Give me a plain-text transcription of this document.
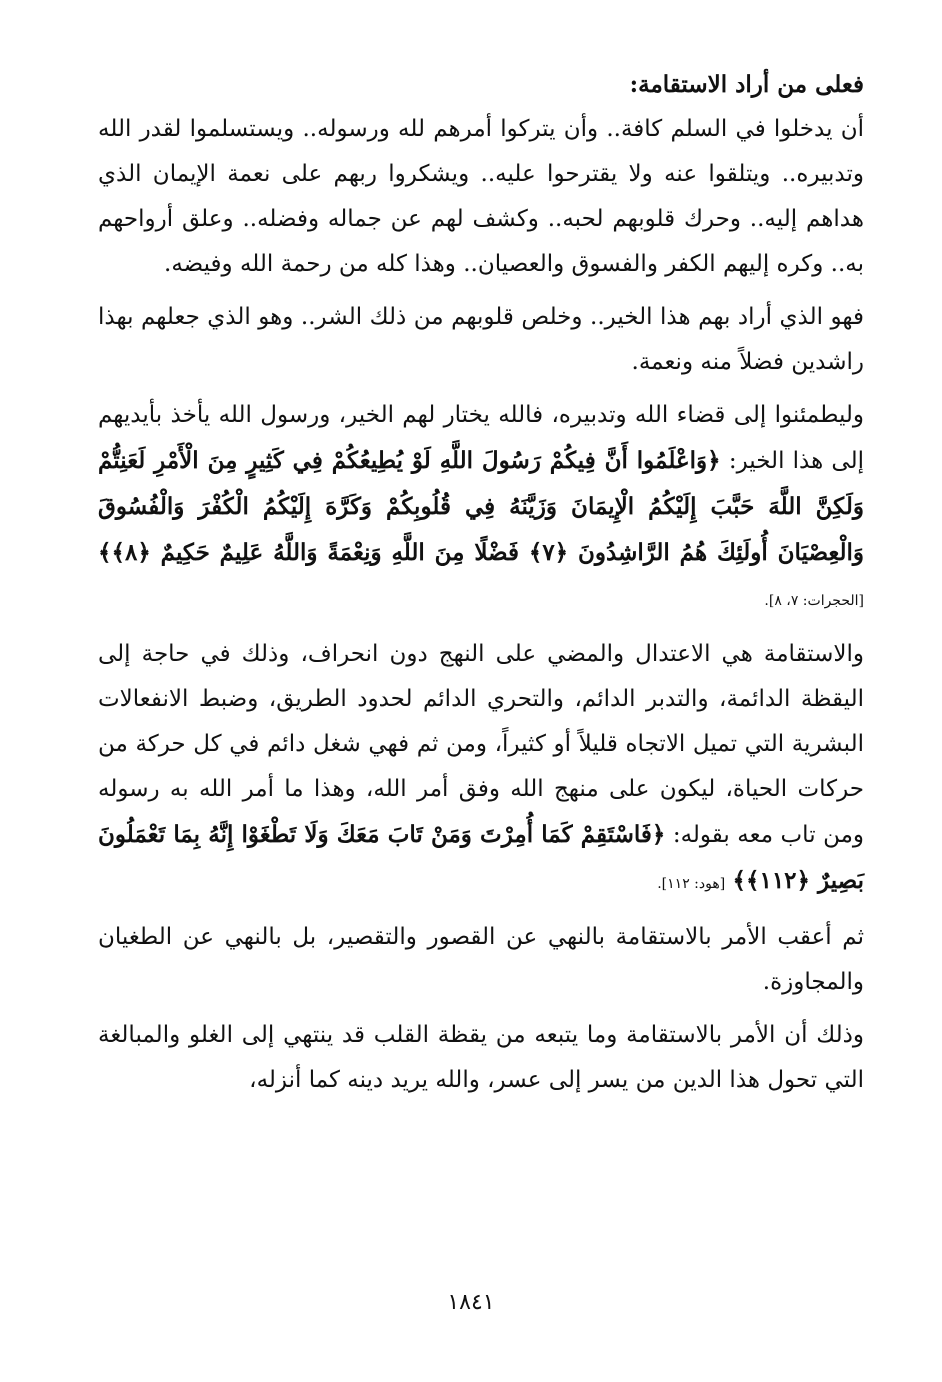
فعلى من أراد الاستقامة:

أن يدخلوا في السلم كافة.. وأن يتركوا أمرهم لله ورسوله.. ويستسلموا لقدر الله وتدبيره.. ويتلقوا عنه ولا يقترحوا عليه.. ويشكروا ربهم على نعمة الإيمان الذي هداهم إليه.. وحرك قلوبهم لحبه.. وكشف لهم عن جماله وفضله.. وعلق أرواحهم به.. وكره إليهم الكفر والفسوق والعصيان.. وهذا كله من رحمة الله وفيضه.

فهو الذي أراد بهم هذا الخير.. وخلص قلوبهم من ذلك الشر.. وهو الذي جعلهم بهذا راشدين فضلاً منه ونعمة.

وليطمئنوا إلى قضاء الله وتدبيره، فالله يختار لهم الخير، ورسول الله يأخذ بأيديهم إلى هذا الخير: ﴿وَاعْلَمُوا أَنَّ فِيكُمْ رَسُولَ اللَّهِ لَوْ يُطِيعُكُمْ فِي كَثِيرٍ مِنَ الْأَمْرِ لَعَنِتُّمْ وَلَكِنَّ اللَّهَ حَبَّبَ إِلَيْكُمُ الْإِيمَانَ وَزَيَّنَهُ فِي قُلُوبِكُمْ وَكَرَّهَ إِلَيْكُمُ الْكُفْرَ وَالْفُسُوقَ وَالْعِصْيَانَ أُولَئِكَ هُمُ الرَّاشِدُونَ ﴿٧﴾ فَضْلًا مِنَ اللَّهِ وَنِعْمَةً وَاللَّهُ عَلِيمٌ حَكِيمٌ ﴿٨﴾﴾ [الحجرات: ٧، ٨].

والاستقامة هي الاعتدال والمضي على النهج دون انحراف، وذلك في حاجة إلى اليقظة الدائمة، والتدبر الدائم، والتحري الدائم لحدود الطريق، وضبط الانفعالات البشرية التي تميل الاتجاه قليلاً أو كثيراً، ومن ثم فهي شغل دائم في كل حركة من حركات الحياة، ليكون على منهج الله وفق أمر الله، وهذا ما أمر الله به رسوله ومن تاب معه بقوله: ﴿فَاسْتَقِمْ كَمَا أُمِرْتَ وَمَنْ تَابَ مَعَكَ وَلَا تَطْغَوْا إِنَّهُ بِمَا تَعْمَلُونَ بَصِيرٌ ﴿١١٢﴾﴾ [هود: ١١٢].

ثم أعقب الأمر بالاستقامة بالنهي عن القصور والتقصير، بل بالنهي عن الطغيان والمجاوزة.

وذلك أن الأمر بالاستقامة وما يتبعه من يقظة القلب قد ينتهي إلى الغلو والمبالغة التي تحول هذا الدين من يسر إلى عسر، والله يريد دينه كما أنزله،

١٨٤١
